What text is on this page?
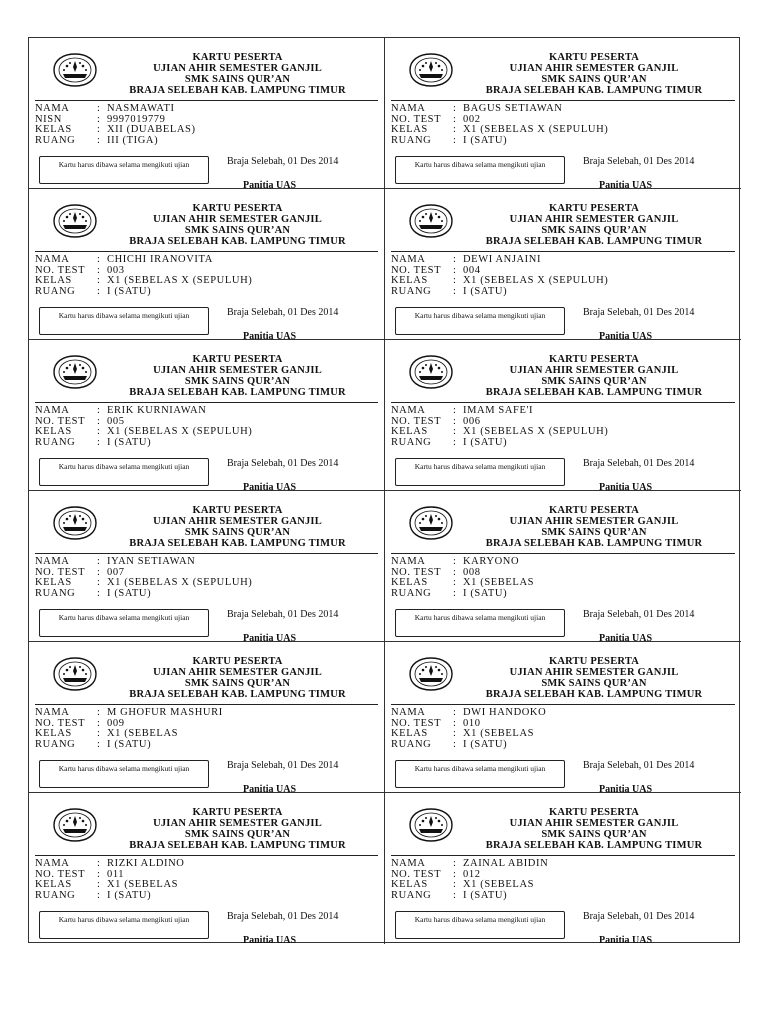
KARTU PESERTA
UJIAN AHIR SEMESTER GANJIL
SMK SAINS QUR’AN
BRAJA SELEBAH KAB. LAMPUNG TIMUR
NAMA	: NASMAWATI
NISN	: 9997019779
KELAS	: XII (DUABELAS)
RUANG	: III (TIGA)
Kartu harus dibawa selama mengikuti ujian	Braja Selebah, 01 Des 2014
Panitia UAS
KARTU PESERTA
UJIAN AHIR SEMESTER GANJIL
SMK SAINS QUR’AN
BRAJA SELEBAH KAB. LAMPUNG TIMUR
NAMA	: BAGUS SETIAWAN
NO. TEST	: 002
KELAS	: X1 (SEBELAS X (SEPULUH)
RUANG	: I (SATU)
Kartu harus dibawa selama mengikuti ujian	Braja Selebah, 01 Des 2014
Panitia UAS
KARTU PESERTA
UJIAN AHIR SEMESTER GANJIL
SMK SAINS QUR’AN
BRAJA SELEBAH KAB. LAMPUNG TIMUR
NAMA	: CHICHI IRANOVITA
NO. TEST	: 003
KELAS	: X1 (SEBELAS X (SEPULUH)
RUANG	: I (SATU)
Kartu harus dibawa selama mengikuti ujian	Braja Selebah, 01 Des 2014
Panitia UAS
KARTU PESERTA
UJIAN AHIR SEMESTER GANJIL
SMK SAINS QUR’AN
BRAJA SELEBAH KAB. LAMPUNG TIMUR
NAMA	: DEWI ANJAINI
NO. TEST	: 004
KELAS	: X1 (SEBELAS X (SEPULUH)
RUANG	: I (SATU)
Kartu harus dibawa selama mengikuti ujian	Braja Selebah, 01 Des 2014
Panitia UAS
KARTU PESERTA
UJIAN AHIR SEMESTER GANJIL
SMK SAINS QUR’AN
BRAJA SELEBAH KAB. LAMPUNG TIMUR
NAMA	: ERIK KURNIAWAN
NO. TEST	: 005
KELAS	: X1 (SEBELAS X (SEPULUH)
RUANG	: I (SATU)
Kartu harus dibawa selama mengikuti ujian	Braja Selebah, 01 Des 2014
Panitia UAS
KARTU PESERTA
UJIAN AHIR SEMESTER GANJIL
SMK SAINS QUR’AN
BRAJA SELEBAH KAB. LAMPUNG TIMUR
NAMA	: IMAM SAFE'I
NO. TEST	: 006
KELAS	: X1 (SEBELAS X (SEPULUH)
RUANG	: I (SATU)
Kartu harus dibawa selama mengikuti ujian	Braja Selebah, 01 Des 2014
Panitia UAS
KARTU PESERTA
UJIAN AHIR SEMESTER GANJIL
SMK SAINS QUR’AN
BRAJA SELEBAH KAB. LAMPUNG TIMUR
NAMA	: IYAN SETIAWAN
NO. TEST	: 007
KELAS	: X1 (SEBELAS X (SEPULUH)
RUANG	: I (SATU)
Kartu harus dibawa selama mengikuti ujian	Braja Selebah, 01 Des 2014
Panitia UAS
KARTU PESERTA
UJIAN AHIR SEMESTER GANJIL
SMK SAINS QUR’AN
BRAJA SELEBAH KAB. LAMPUNG TIMUR
NAMA	: KARYONO
NO. TEST	: 008
KELAS	: X1 (SEBELAS
RUANG	: I (SATU)
Kartu harus dibawa selama mengikuti ujian	Braja Selebah, 01 Des 2014
Panitia UAS
KARTU PESERTA
UJIAN AHIR SEMESTER GANJIL
SMK SAINS QUR’AN
BRAJA SELEBAH KAB. LAMPUNG TIMUR
NAMA	: M GHOFUR MASHURI
NO. TEST	: 009
KELAS	: X1 (SEBELAS
RUANG	: I (SATU)
Kartu harus dibawa selama mengikuti ujian	Braja Selebah, 01 Des 2014
Panitia UAS
KARTU PESERTA
UJIAN AHIR SEMESTER GANJIL
SMK SAINS QUR’AN
BRAJA SELEBAH KAB. LAMPUNG TIMUR
NAMA	: DWI HANDOKO
NO. TEST	: 010
KELAS	: X1 (SEBELAS
RUANG	: I (SATU)
Kartu harus dibawa selama mengikuti ujian	Braja Selebah, 01 Des 2014
Panitia UAS
KARTU PESERTA
UJIAN AHIR SEMESTER GANJIL
SMK SAINS QUR’AN
BRAJA SELEBAH KAB. LAMPUNG TIMUR
NAMA	: RIZKI ALDINO
NO. TEST	: 011
KELAS	: X1 (SEBELAS
RUANG	: I (SATU)
Kartu harus dibawa selama mengikuti ujian	Braja Selebah, 01 Des 2014
Panitia UAS
KARTU PESERTA
UJIAN AHIR SEMESTER GANJIL
SMK SAINS QUR’AN
BRAJA SELEBAH KAB. LAMPUNG TIMUR
NAMA	: ZAINAL ABIDIN
NO. TEST	: 012
KELAS	: X1 (SEBELAS
RUANG	: I (SATU)
Kartu harus dibawa selama mengikuti ujian	Braja Selebah, 01 Des 2014
Panitia UAS
